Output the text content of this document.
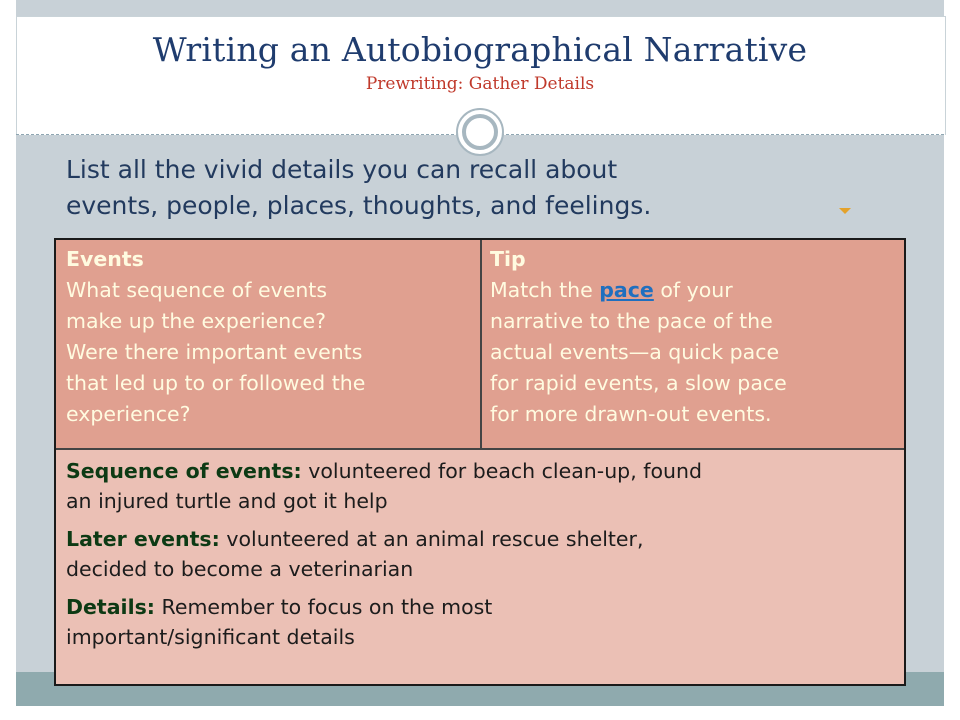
Writing an Autobiographical Narrative
Prewriting: Gather Details
List all the vivid details you can recall about
events, people, places, thoughts, and feelings.
Events
What sequence of events
make up the experience?
Were there important events
that led up to or followed the
experience?
Tip
Match the pace of your
narrative to the pace of the
actual events—a quick pace
for rapid events, a slow pace
for more drawn-out events.

Sequence of events: volunteered for beach clean-up, found

an injured turtle and got it help

Later events: volunteered at an animal rescue shelter,

decided to become a veterinarian

Details: Remember to focus on the most

important/significant details
